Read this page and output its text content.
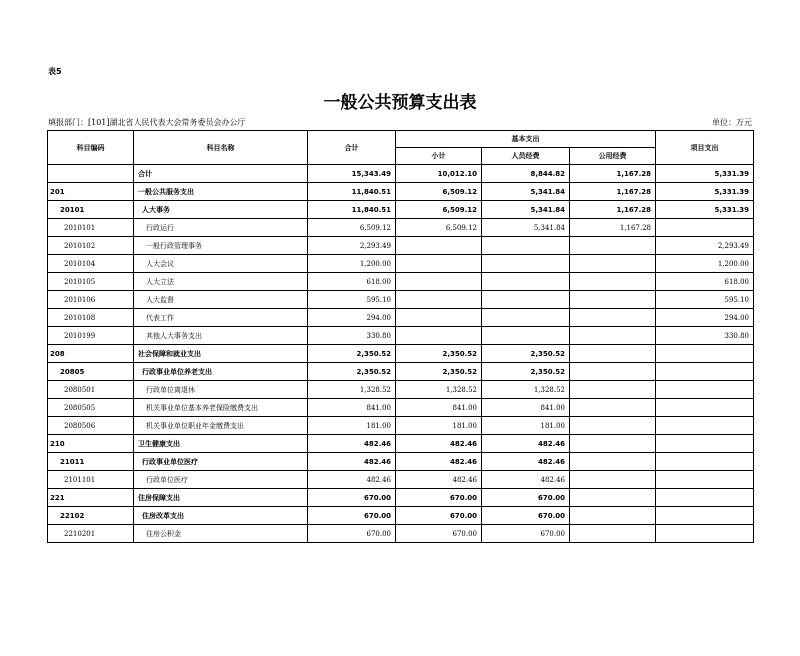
表5
一般公共预算支出表
填报部门：[101]湖北省人民代表大会常务委员会办公厅	单位：万元
科目编码	科目名称	合计	基本支出			项目支出
			小计	人员经费	公用经费	
	合计	15,343.49	10,012.10	8,844.82	1,167.28	5,331.39
201	一般公共服务支出	11,840.51	6,509.12	5,341.84	1,167.28	5,331.39
20101	人大事务	11,840.51	6,509.12	5,341.84	1,167.28	5,331.39
2010101	行政运行	6,509.12	6,509.12	5,341.84	1,167.28	
2010102	一般行政管理事务	2,293.49				2,293.49
2010104	人大会议	1,200.00				1,200.00
2010105	人大立法	618.00				618.00
2010106	人大监督	595.10				595.10
2010108	代表工作	294.00				294.00
2010199	其他人大事务支出	330.80				330.80
208	社会保障和就业支出	2,350.52	2,350.52	2,350.52		
20805	行政事业单位养老支出	2,350.52	2,350.52	2,350.52		
2080501	行政单位离退休	1,328.52	1,328.52	1,328.52		
2080505	机关事业单位基本养老保险缴费支出	841.00	841.00	841.00		
2080506	机关事业单位职业年金缴费支出	181.00	181.00	181.00		
210	卫生健康支出	482.46	482.46	482.46		
21011	行政事业单位医疗	482.46	482.46	482.46		
2101101	行政单位医疗	482.46	482.46	482.46		
221	住房保障支出	670.00	670.00	670.00		
22102	住房改革支出	670.00	670.00	670.00		
2210201	住房公积金	670.00	670.00	670.00		
